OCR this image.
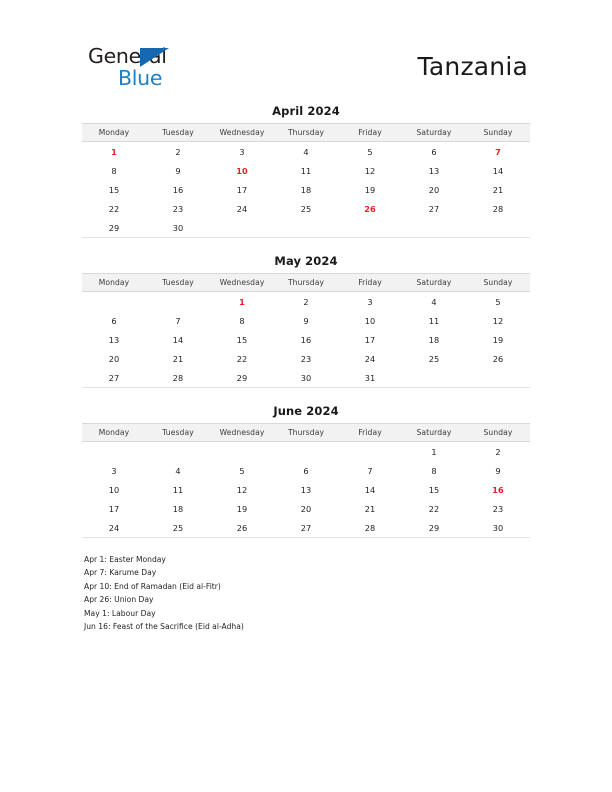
General
Blue	Tanzania
April 2024
Monday	Tuesday	Wednesday	Thursday	Friday	Saturday	Sunday
1	2	3	4	5	6	7
8	9	10	11	12	13	14
15	16	17	18	19	20	21
22	23	24	25	26	27	28
29	30					
May 2024
Monday	Tuesday	Wednesday	Thursday	Friday	Saturday	Sunday
		1	2	3	4	5
6	7	8	9	10	11	12
13	14	15	16	17	18	19
20	21	22	23	24	25	26
27	28	29	30	31		
June 2024
Monday	Tuesday	Wednesday	Thursday	Friday	Saturday	Sunday
					1	2
3	4	5	6	7	8	9
10	11	12	13	14	15	16
17	18	19	20	21	22	23
24	25	26	27	28	29	30
Apr 1: Easter Monday
Apr 7: Karume Day
Apr 10: End of Ramadan (Eid al-Fitr)
Apr 26: Union Day
May 1: Labour Day
Jun 16: Feast of the Sacrifice (Eid al-Adha)
